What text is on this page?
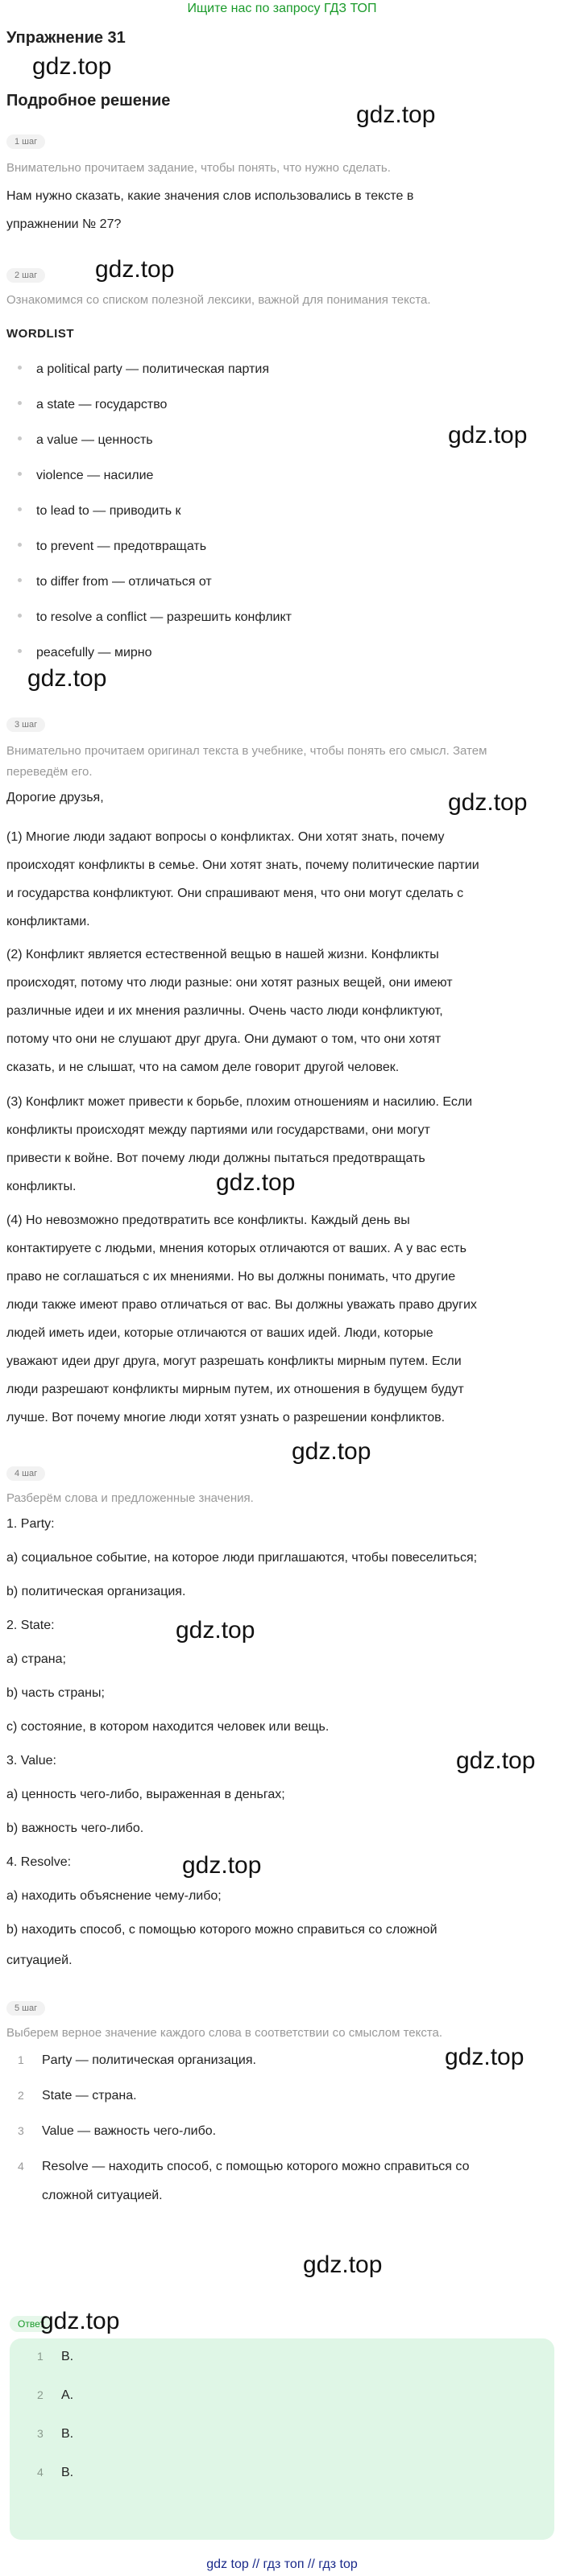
Ищите нас по запросу ГДЗ ТОП
Упражнение 31
gdz.top
Подробное решение
gdz.top
1 шаг
Внимательно прочитаем задание, чтобы понять, что нужно сделать.
Нам нужно сказать, какие значения слов использовались в тексте в
упражнении № 27?
2 шаг	gdz.top
Ознакомимся со списком полезной лексики, важной для понимания текста.
WORDLIST
a political party — политическая партия
a state — государство
a value — ценность	gdz.top
violence — насилие
to lead to — приводить к
to prevent — предотвращать
to differ from — отличаться от
to resolve a conflict — разрешить конфликт
peacefully — мирно
gdz.top
3 шаг
Внимательно прочитаем оригинал текста в учебнике, чтобы понять его смысл. Затем
переведём его.
Дорогие друзья,	gdz.top
(1) Многие люди задают вопросы о конфликтах. Они хотят знать, почему
происходят конфликты в семье. Они хотят знать, почему политические партии
и государства конфликтуют. Они спрашивают меня, что они могут сделать с
конфликтами.
(2) Конфликт является естественной вещью в нашей жизни. Конфликты
происходят, потому что люди разные: они хотят разных вещей, они имеют
различные идеи и их мнения различны. Очень часто люди конфликтуют,
потому что они не слушают друг друга. Они думают о том, что они хотят
сказать, и не слышат, что на самом деле говорит другой человек.
(3) Конфликт может привести к борьбе, плохим отношениям и насилию. Если
конфликты происходят между партиями или государствами, они могут
привести к войне. Вот почему люди должны пытаться предотвращать
конфликты.	gdz.top
(4) Но невозможно предотвратить все конфликты. Каждый день вы
контактируете с людьми, мнения которых отличаются от ваших. А у вас есть
право не соглашаться с их мнениями. Но вы должны понимать, что другие
люди также имеют право отличаться от вас. Вы должны уважать право других
людей иметь идеи, которые отличаются от ваших идей. Люди, которые
уважают идеи друг друга, могут разрешать конфликты мирным путем. Если
люди разрешают конфликты мирным путем, их отношения в будущем будут
лучше. Вот почему многие люди хотят узнать о разрешении конфликтов.
gdz.top
4 шаг
Разберём слова и предложенные значения.
1. Party:
a) социальное событие, на которое люди приглашаются, чтобы повеселиться;
b) политическая организация.
2. State:	gdz.top
a) страна;
b) часть страны;
c) состояние, в котором находится человек или вещь.
3. Value:	gdz.top
a) ценность чего-либо, выраженная в деньгах;
b) важность чего-либо.
4. Resolve:	gdz.top
a) находить объяснение чему-либо;
b) находить способ, с помощью которого можно справиться со сложной
ситуацией.
5 шаг
Выберем верное значение каждого слова в соответствии со смыслом текста.
gdz.top
1 Party — политическая организация.
2 State — страна.
3 Value — важность чего-либо.
4 Resolve — находить способ, с помощью которого можно справиться со
сложной ситуацией.
gdz.top
Ответ
gdz.top
1 B.
2 A.
3 B.
4 B.
gdz top // гдз топ // гдз top
